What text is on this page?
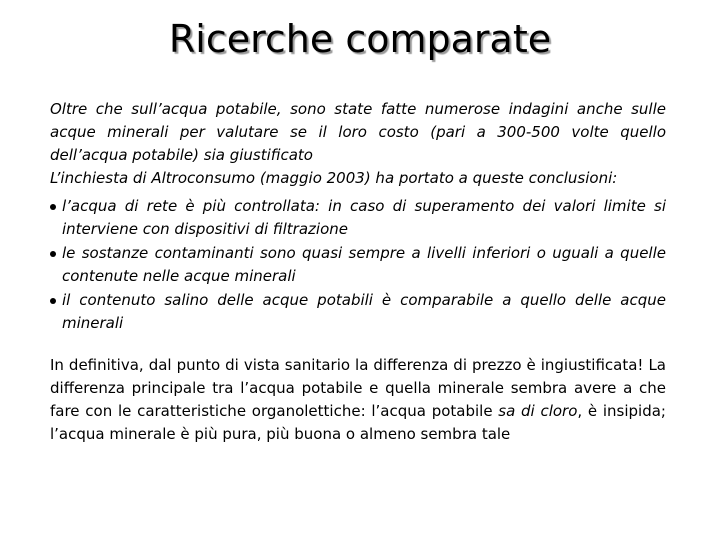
Ricerche comparate

Oltre che sull’acqua potabile, sono state fatte numerose indagini anche sulle acque minerali per valutare se il loro costo (pari a 300-500 volte quello dell’acqua potabile) sia giustificato

L’inchiesta di Altroconsumo (maggio 2003) ha portato a queste conclusioni:

l’acqua di rete è più controllata: in caso di superamento dei valori limite si interviene con dispositivi di filtrazione
le sostanze contaminanti sono quasi sempre a livelli inferiori o uguali a quelle contenute nelle acque minerali
il contenuto salino delle acque potabili è comparabile a quello delle acque minerali

In definitiva, dal punto di vista sanitario la differenza di prezzo è ingiustificata! La differenza principale tra l’acqua potabile e quella minerale sembra avere a che fare con le caratteristiche organolettiche: l’acqua potabile sa di cloro, è insipida; l’acqua minerale è più pura, più buona o almeno sembra tale
